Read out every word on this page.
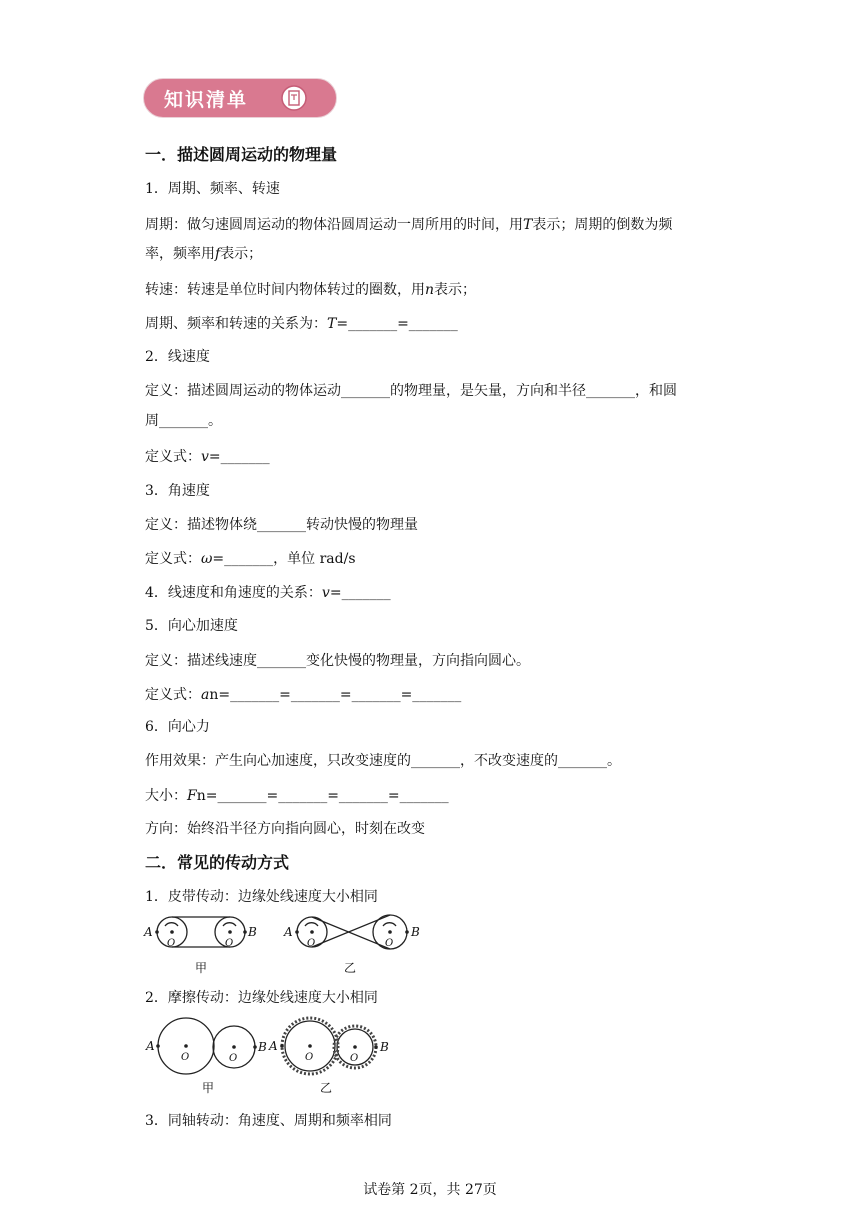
知识清单
一．描述圆周运动的物理量
1．周期、频率、转速
周期：做匀速圆周运动的物体沿圆周运动一周所用的时间，用T表示；周期的倒数为频
率，频率用f表示；
转速：转速是单位时间内物体转过的圈数，用n表示；
周期、频率和转速的关系为：T=_______=_______
2．线速度
定义：描述圆周运动的物体运动_______的物理量，是矢量，方向和半径_______，和圆
周_______。
定义式：v=_______
3．角速度
定义：描述物体绕_______转动快慢的物理量
定义式：ω=_______，单位 rad/s
4．线速度和角速度的关系：v=_______
5．向心加速度
定义：描述线速度_______变化快慢的物理量，方向指向圆心。
定义式：an=_______=_______=_______=_______
6．向心力
作用效果：产生向心加速度，只改变速度的_______，不改变速度的_______。
大小：Fn=_______=_______=_______=_______
方向：始终沿半径方向指向圆心，时刻在改变
二．常见的传动方式
1．皮带传动：边缘处线速度大小相同
A	B A	B
O	O	O	O
甲	乙
2．摩擦传动：边缘处线速度大小相同
A	B A	B
O	O	O	O
甲	乙
3．同轴转动：角速度、周期和频率相同
试卷第 2页，共 27页
